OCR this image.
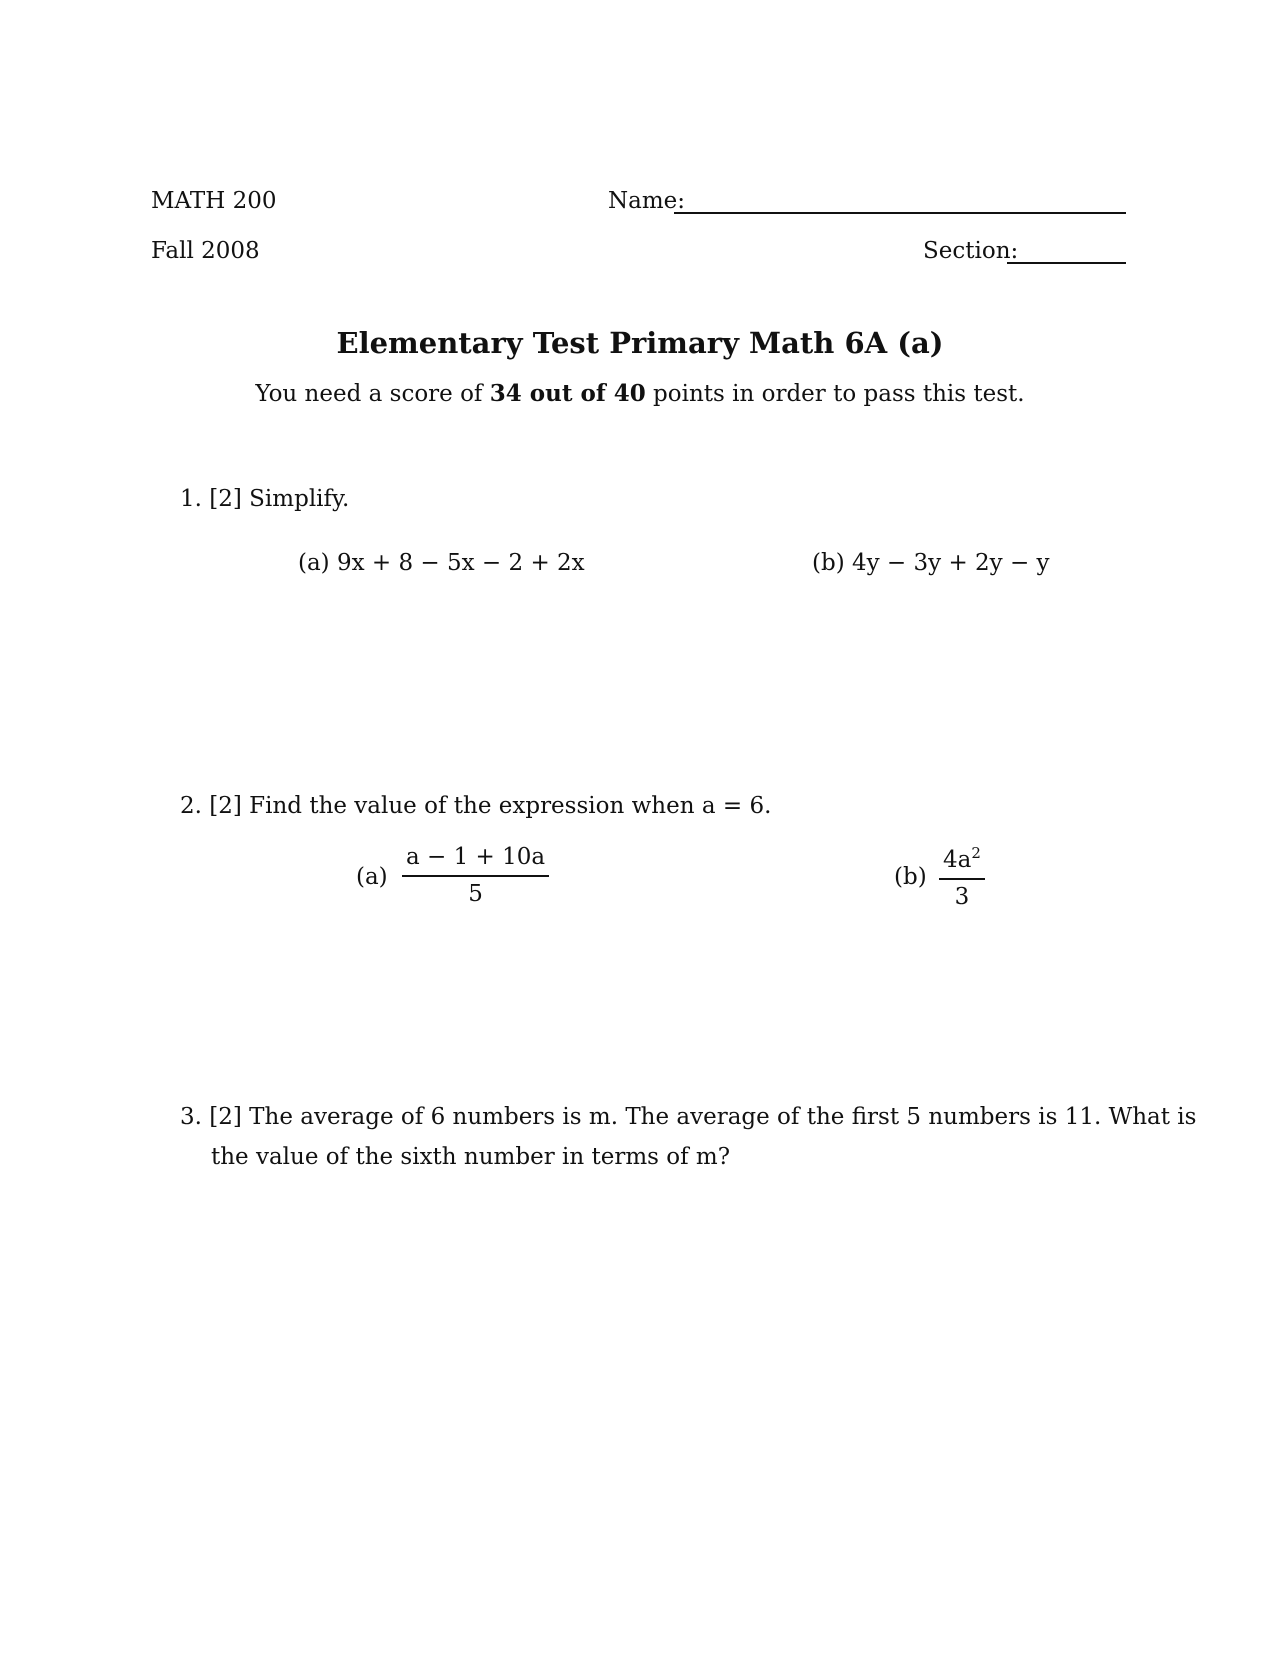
MATH 200
Fall 2008
Name:
Section:
Elementary Test Primary Math 6A (a)
You need a score of 34 out of 40 points in order to pass this test.
1. [2] Simplify.
(a) 9x + 8 − 5x − 2 + 2x	(b) 4y − 3y + 2y − y
2. [2] Find the value of the expression when a = 6.
$(a) \frac{a - 1 + 10a}{5}$	$(b) \frac{4a^2}{3}$
3. [2] The average of 6 numbers is m. The average of the first 5 numbers is 11. What is
the value of the sixth number in terms of m?
